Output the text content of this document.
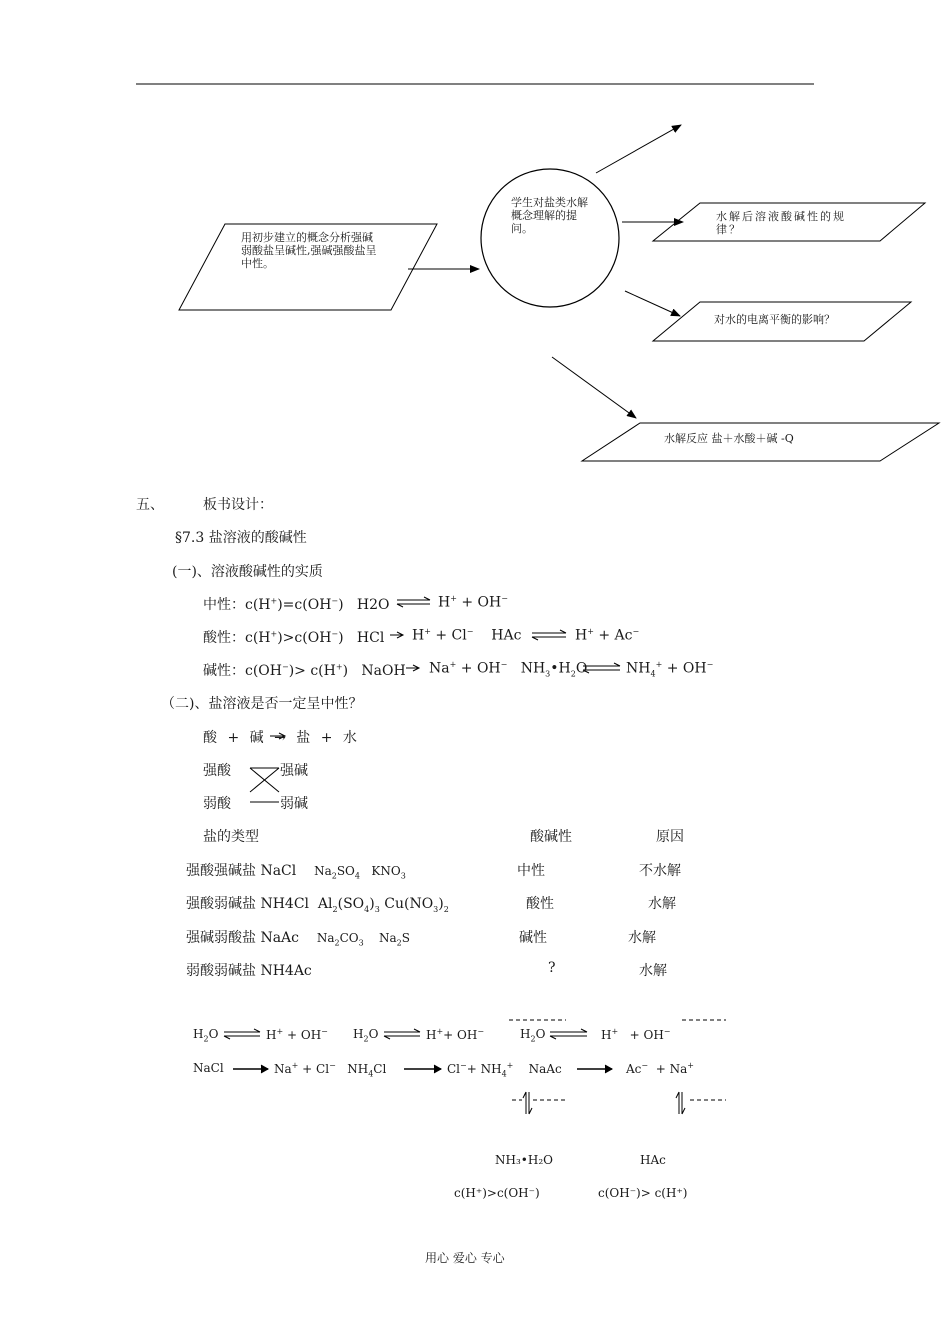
用初步建立的概念分析强碱弱酸盐呈碱性,强碱强酸盐呈中性。
学生对盐类水解概念理解的提问。
水解后溶液酸碱性的规律？
对水的电离平衡的影响？
水解反应 盐＋水酸＋碱 -Q
五、	板书设计：
§7.3 盐溶液的酸碱性
(一)、溶液酸碱性的实质
中性：c(H+)=c(OH−)   H2O	H+ + OH−
酸性：c(H+)>c(OH−)   HCl H+ + Cl−    HAc	H+ + Ac−
碱性：c(OH−)> c(H+)   NaOH Na+ + OH−   $NH_3•H_2O$	$NH_4^+ + OH^-$
（二)、盐溶液是否一定呈中性？
酸 + 碱 → 盐 + 水
强酸	强碱
弱酸	弱碱
盐的类型	酸碱性	原因
强酸强碱盐 NaCl $Na_2SO_4$   $KNO_3$	中性	不水解
强酸弱碱盐 NH4Cl  $Al_2(SO_4)_3$ $Cu(NO_3)_2$	酸性	水解
强碱弱酸盐 NaAc $Na_2CO_3$    $Na_2S$	碱性	水解
弱酸弱碱盐 NH4Ac	?	水解
$H_2O$	H+ + OH− $H_2O$	H++ OH−	$H_2O$	H+   + OH−
NaCl	Na+ + Cl−   $NH_4Cl$	$Cl^-+ NH_4^+$    NaAc	Ac−  + Na+
NH₃•H₂O	HAc
c(H⁺)>c(OH⁻)	c(OH⁻)> c(H⁺)
用心 爱心 专心
